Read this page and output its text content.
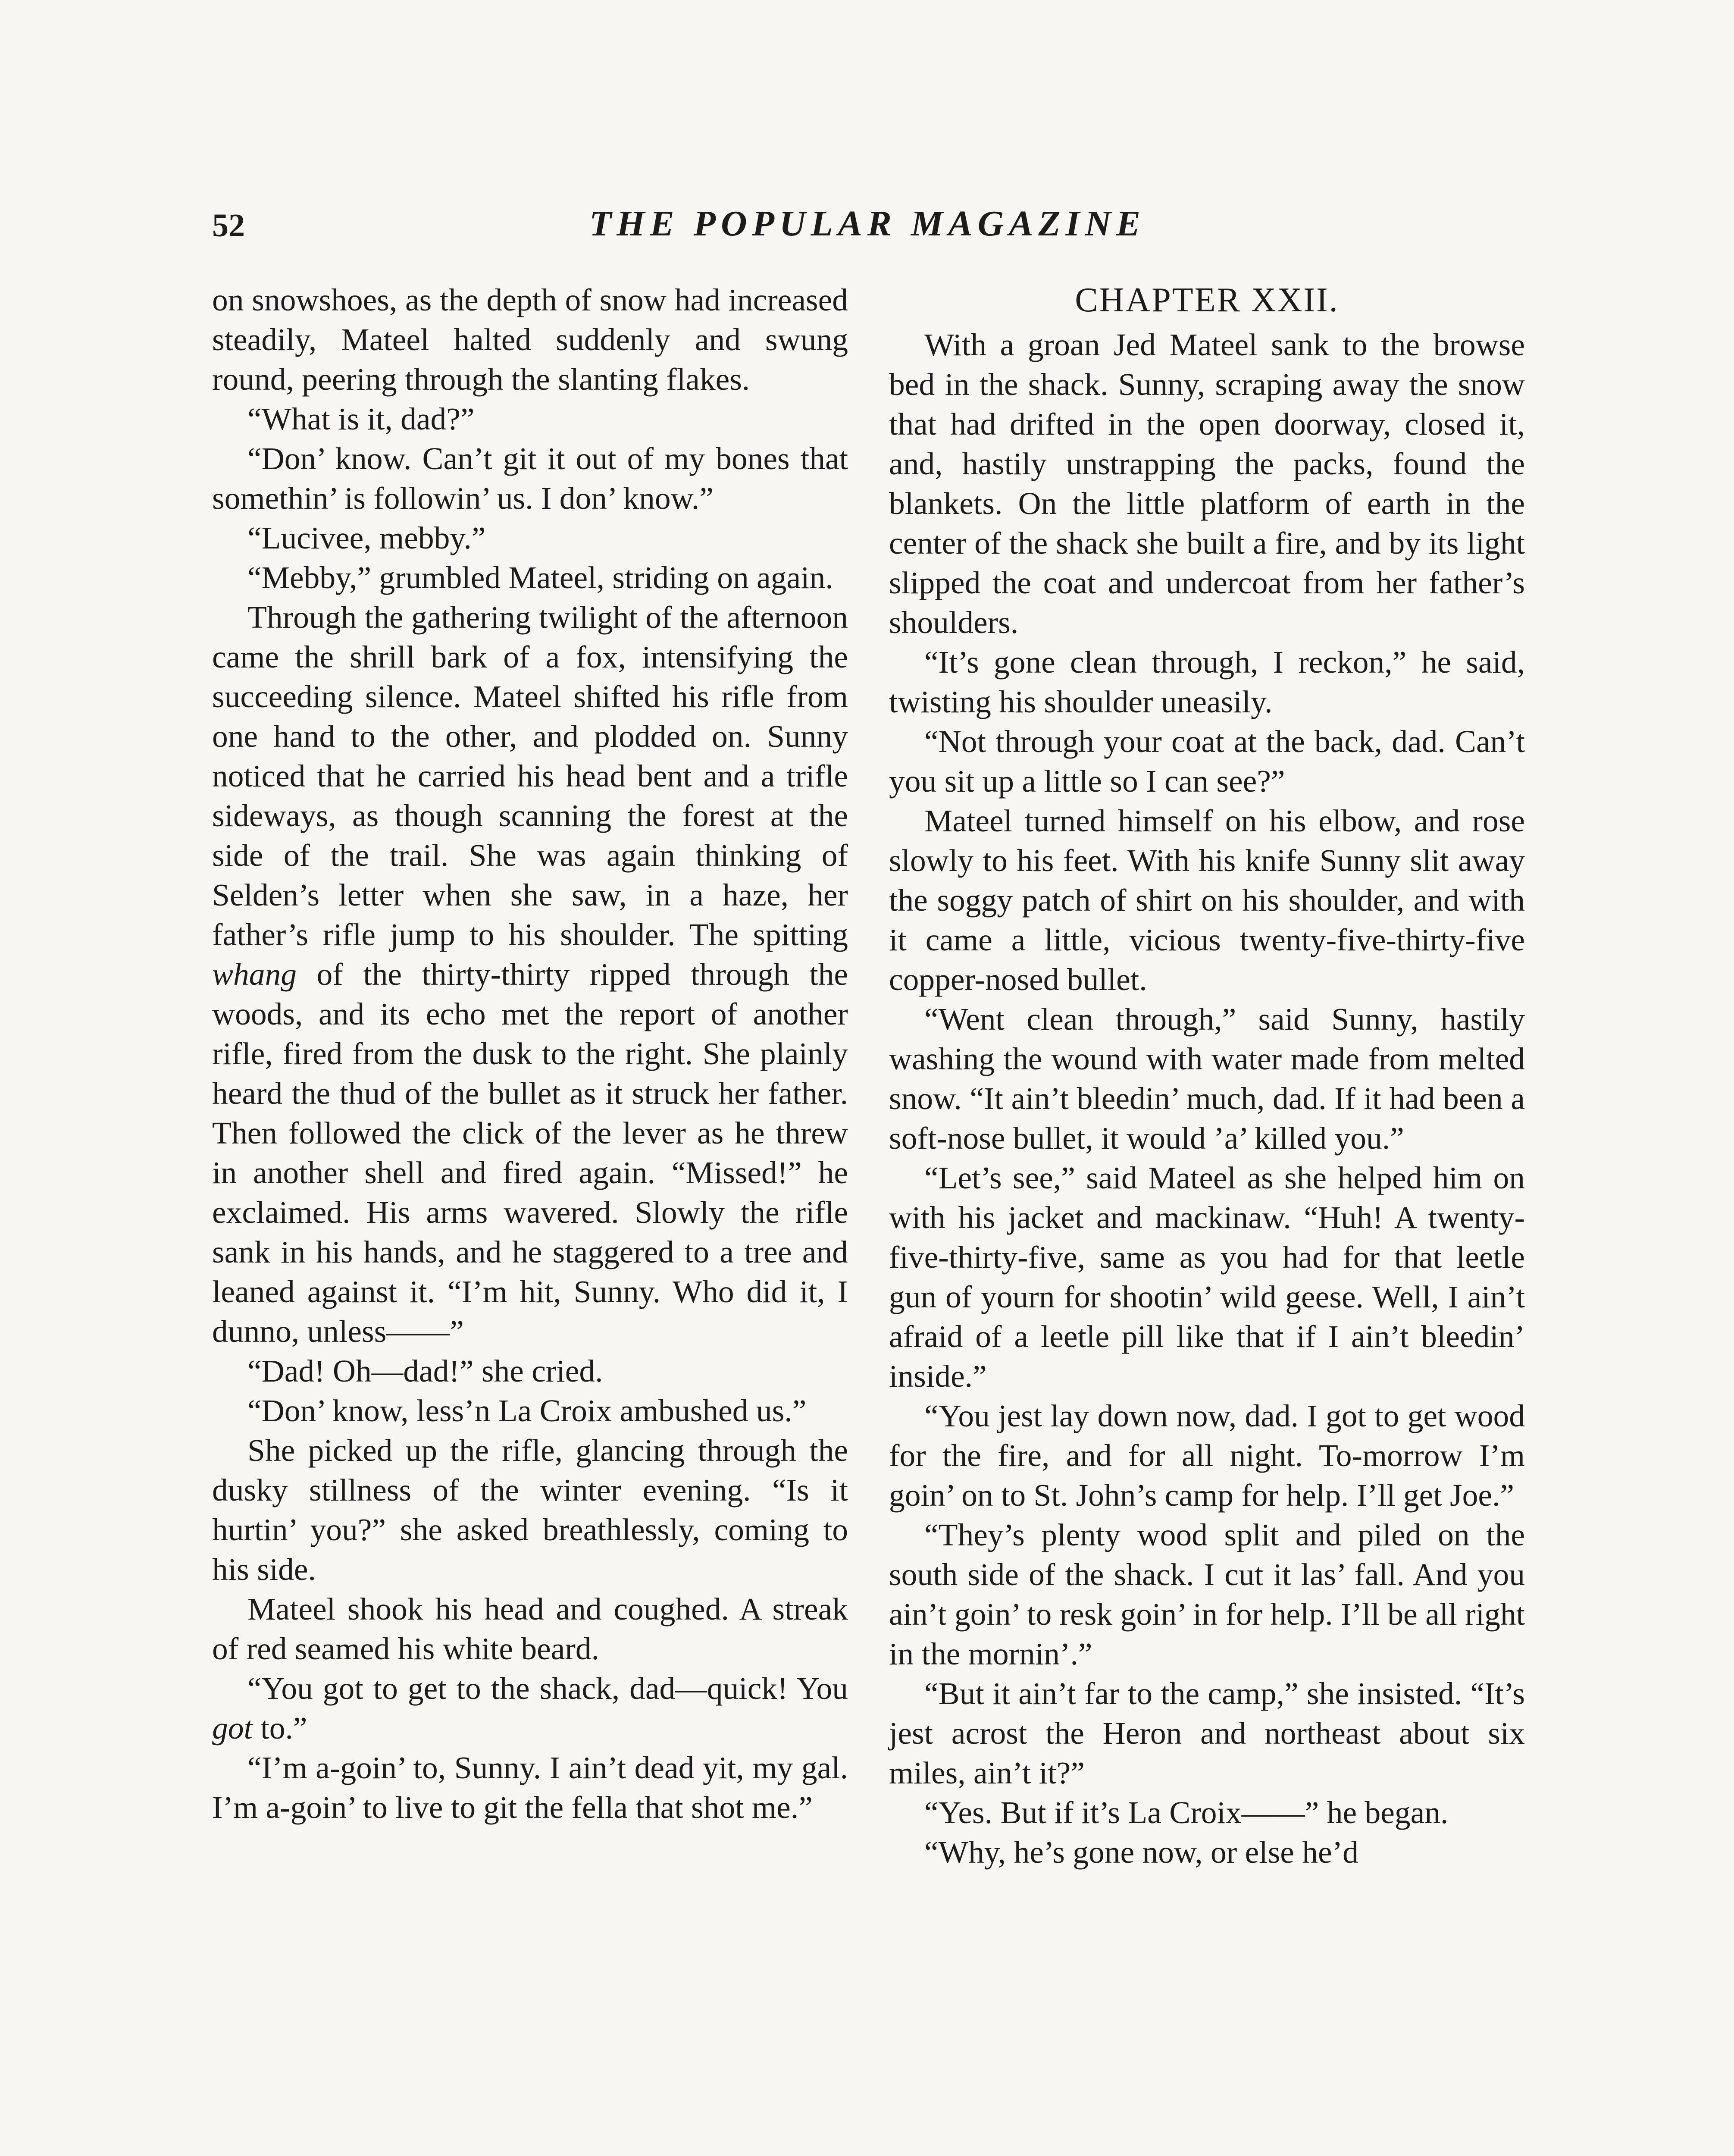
52	THE POPULAR MAGAZINE

on snowshoes, as the depth of snow had increased steadily, Mateel halted suddenly and swung round, peering through the slanting flakes.

“What is it, dad?”

“Don’ know. Can’t git it out of my bones that somethin’ is followin’ us. I don’ know.”

“Lucivee, mebby.”

“Mebby,” grumbled Mateel, striding on again.

Through the gathering twilight of the afternoon came the shrill bark of a fox, intensifying the succeeding silence. Mateel shifted his rifle from one hand to the other, and plodded on. Sunny noticed that he carried his head bent and a trifle sideways, as though scanning the forest at the side of the trail. She was again thinking of Selden’s letter when she saw, in a haze, her father’s rifle jump to his shoulder. The spitting whang of the thirty-thirty ripped through the woods, and its echo met the report of another rifle, fired from the dusk to the right. She plainly heard the thud of the bullet as it struck her father. Then followed the click of the lever as he threw in another shell and fired again. “Missed!” he exclaimed. His arms wavered. Slowly the rifle sank in his hands, and he staggered to a tree and leaned against it. “I’m hit, Sunny. Who did it, I dunno, unless——”

“Dad! Oh—dad!” she cried.

“Don’ know, less’n La Croix ambushed us.”

She picked up the rifle, glancing through the dusky stillness of the winter evening. “Is it hurtin’ you?” she asked breathlessly, coming to his side.

Mateel shook his head and coughed. A streak of red seamed his white beard.

“You got to get to the shack, dad—quick! You got to.”

“I’m a-goin’ to, Sunny. I ain’t dead yit, my gal. I’m a-goin’ to live to git the fella that shot me.”

CHAPTER XXII.

With a groan Jed Mateel sank to the browse bed in the shack. Sunny, scraping away the snow that had drifted in the open doorway, closed it, and, hastily unstrapping the packs, found the blankets. On the little platform of earth in the center of the shack she built a fire, and by its light slipped the coat and undercoat from her father’s shoulders.

“It’s gone clean through, I reckon,” he said, twisting his shoulder uneasily.

“Not through your coat at the back, dad. Can’t you sit up a little so I can see?”

Mateel turned himself on his elbow, and rose slowly to his feet. With his knife Sunny slit away the soggy patch of shirt on his shoulder, and with it came a little, vicious twenty-five-thirty-five copper-nosed bullet.

“Went clean through,” said Sunny, hastily washing the wound with water made from melted snow. “It ain’t bleedin’ much, dad. If it had been a soft-nose bullet, it would ’a’ killed you.”

“Let’s see,” said Mateel as she helped him on with his jacket and mackinaw. “Huh! A twenty-five-thirty-five, same as you had for that leetle gun of yourn for shootin’ wild geese. Well, I ain’t afraid of a leetle pill like that if I ain’t bleedin’ inside.”

“You jest lay down now, dad. I got to get wood for the fire, and for all night. To-morrow I’m goin’ on to St. John’s camp for help. I’ll get Joe.”

“They’s plenty wood split and piled on the south side of the shack. I cut it las’ fall. And you ain’t goin’ to resk goin’ in for help. I’ll be all right in the mornin’.”

“But it ain’t far to the camp,” she insisted. “It’s jest acrost the Heron and northeast about six miles, ain’t it?”

“Yes. But if it’s La Croix——” he began.

“Why, he’s gone now, or else he’d
